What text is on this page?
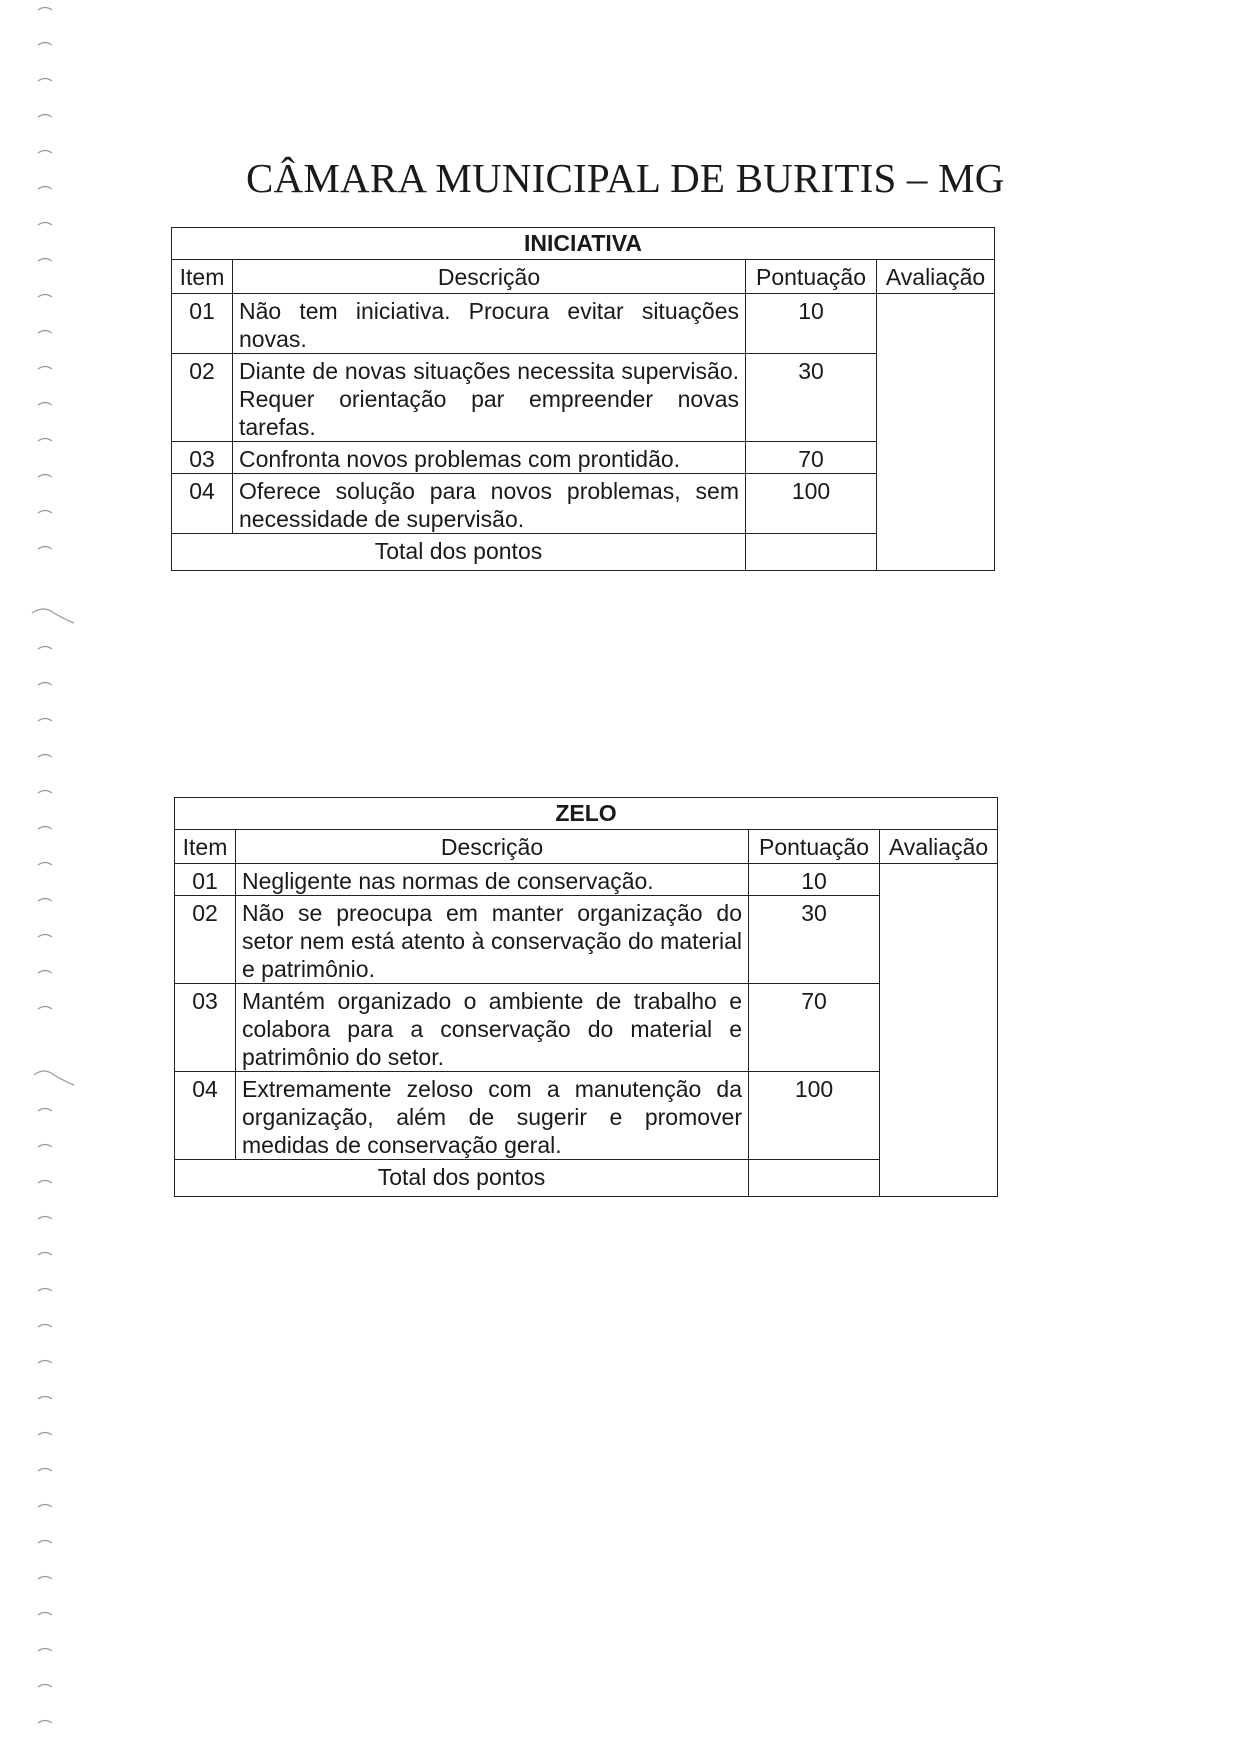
CÂMARA MUNICIPAL DE BURITIS – MG
INICIATIVA			
Item	Descrição	Pontuação	Avaliação
01	Não tem iniciativa. Procura evitar situações novas.	10	
02	Diante de novas situações necessita supervisão. Requer orientação par empreender novas tarefas.	30	
03	Confronta novos problemas com prontidão.	70	
04	Oferece solução para novos problemas, sem necessidade de supervisão.	100	
Total dos pontos			
ZELO			
Item	Descrição	Pontuação	Avaliação
01	Negligente nas normas de conservação.	10	
02	Não se preocupa em manter organização do setor nem está atento à conservação do material e patrimônio.	30	
03	Mantém organizado o ambiente de trabalho e colabora para a conservação do material e patrimônio do setor.	70	
04	Extremamente zeloso com a manutenção da organização, além de sugerir e promover medidas de conservação geral.	100	
Total dos pontos			
